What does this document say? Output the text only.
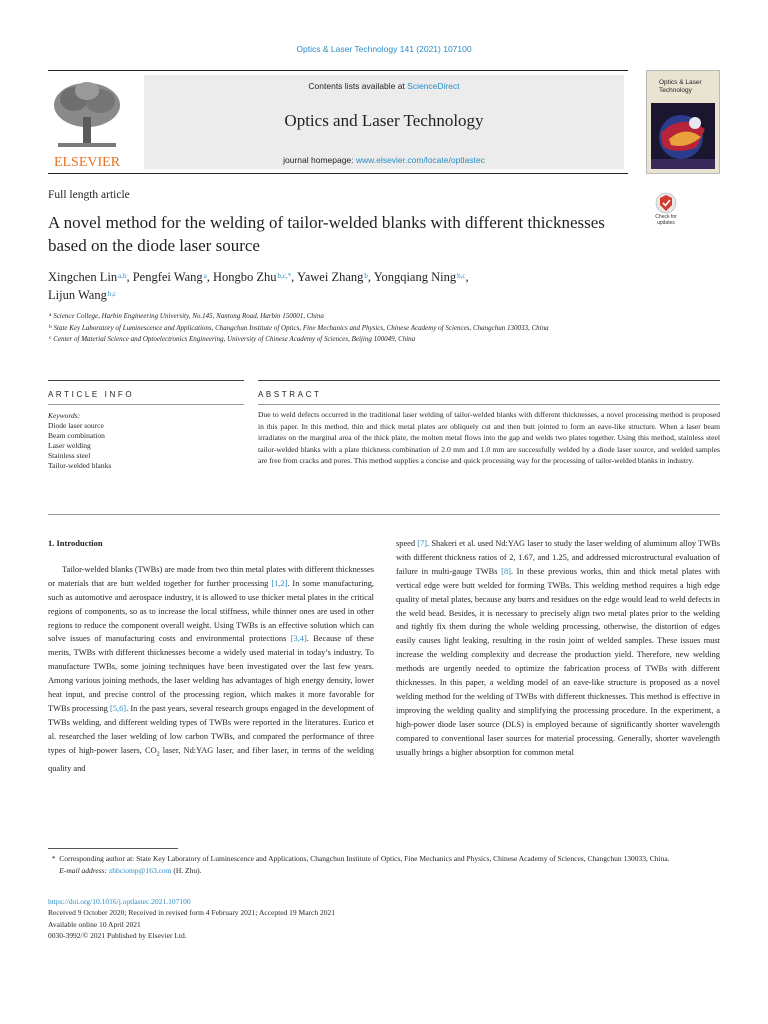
Optics & Laser Technology 141 (2021) 107100
ELSEVIER
Contents lists available at ScienceDirect
Optics and Laser Technology
journal homepage: www.elsevier.com/locate/optlastec
Optics & Laser
Technology
Full length article
A novel method for the welding of tailor-welded blanks with different thicknesses based on the diode laser source
Check for
updates
Xingchen Lin$^{a,b}$, Pengfei Wang$^a$, Hongbo Zhu$^{b,c,*}$, Yawei Zhang$^b$, Yongqiang Ning$^{b,c}$,
Lijun Wang$^{b,c}$
$^a$ Science College, Harbin Engineering University, No.145, Nantong Road, Harbin 150001, China
$^b$ State Key Laboratory of Luminescence and Applications, Changchun Institute of Optics, Fine Mechanics and Physics, Chinese Academy of Sciences, Changchun 130033, China
$^c$ Center of Material Science and Optoelectronics Engineering, University of Chinese Academy of Sciences, Beijing 100049, China
ARTICLE INFO	ABSTRACT
Keywords:
Diode laser source
Beam combination
Laser welding
Stainless steel
Tailor-welded blanks
Due to weld defects occurred in the traditional laser welding of tailor-welded blanks with different thicknesses, a novel processing method is proposed in this paper. In this method, thin and thick metal plates are obliquely cut and then butt jointed to form an eave-like structure. When a laser beam irradiates on the marginal area of the thick plate, the molten metal flows into the gap and welds two plates together. Using this method, stainless steel tailor-welded blanks with a plate thickness combination of 2.0 mm and 1.0 mm are successfully welded by a diode laser source, and welded samples are free from cracks and pores. This method supplies a concise and quick processing way for the processing of tailor-welded blanks in industry.
1. Introduction

Tailor-welded blanks (TWBs) are made from two thin metal plates with different thicknesses or materials that are butt welded together for further processing [1,2]. In some manufacturing, such as automotive and aerospace industry, it is allowed to use thicker metal plates in the critical regions of components, so as to increase the local stiffness, while thinner ones are used in other regions to reduce the component overall weight. Using TWBs is an effective solution which can solve issues of manufacturing costs and environmental protections [3,4]. Because of these merits, TWBs with different thicknesses become a widely used material in today’s industry. To manufacture TWBs, some joining techniques have been investigated over the last few years. Among various joining methods, the laser welding has advantages of high energy density, lower heat input, and precise control of the processing region, which makes it more favorable for TWBs processing [5,6]. In the past years, several research groups engaged in the development of TWBs welding, and different welding types of TWBs were reported in the literatures. Eurico et al. researched the laser welding of low carbon TWBs, and compared the performance of three types of high-power lasers, $CO_2$ laser, Nd:YAG laser, and fiber laser, in terms of the welding quality and

speed [7]. Shakeri et al. used Nd:YAG laser to study the laser welding of aluminum alloy TWBs with different thickness ratios of 2, 1.67, and 1.25, and addressed microstructural evaluation of failure in multi-gauge TWBs [8]. In these previous works, thin and thick metal plates with vertical edge were butt welded for forming TWBs. This welding method requires a high edge quality of metal plates, because any burrs and residues on the edge would lead to weld defects in the weld bead. Besides, it is necessary to precisely align two metal plates prior to the welding and tightly fix them during the whole welding processing, otherwise, the distortion of edges easily causes light leaking, resulting in the rosin joint of welded samples. These issues must increase the welding complexity and decrease the production yield. Therefore, new welding methods are urgently needed to optimize the fabrication process of TWBs with different thicknesses. In this paper, a welding model of an eave-like structure is proposed as a novel welding method for the welding of TWBs with different thicknesses. This method is effective in improving the welding quality and simplifying the processing procedure. In the experiment, a high-power diode laser source (DLS) is employed because of significantly shorter wavelength compared to conventional laser sources for material processing. Generally, shorter wavelength usually brings a higher absorption for common metal

* Corresponding author at: State Key Laboratory of Luminescence and Applications, Changchun Institute of Optics, Fine Mechanics and Physics, Chinese Academy of Sciences, Changchun 130033, China.
E-mail address: zhbciomp@163.com (H. Zhu).
https://doi.org/10.1016/j.optlastec.2021.107100
Received 9 October 2020; Received in revised form 4 February 2021; Accepted 19 March 2021
Available online 10 April 2021
0030-3992/© 2021 Published by Elsevier Ltd.
